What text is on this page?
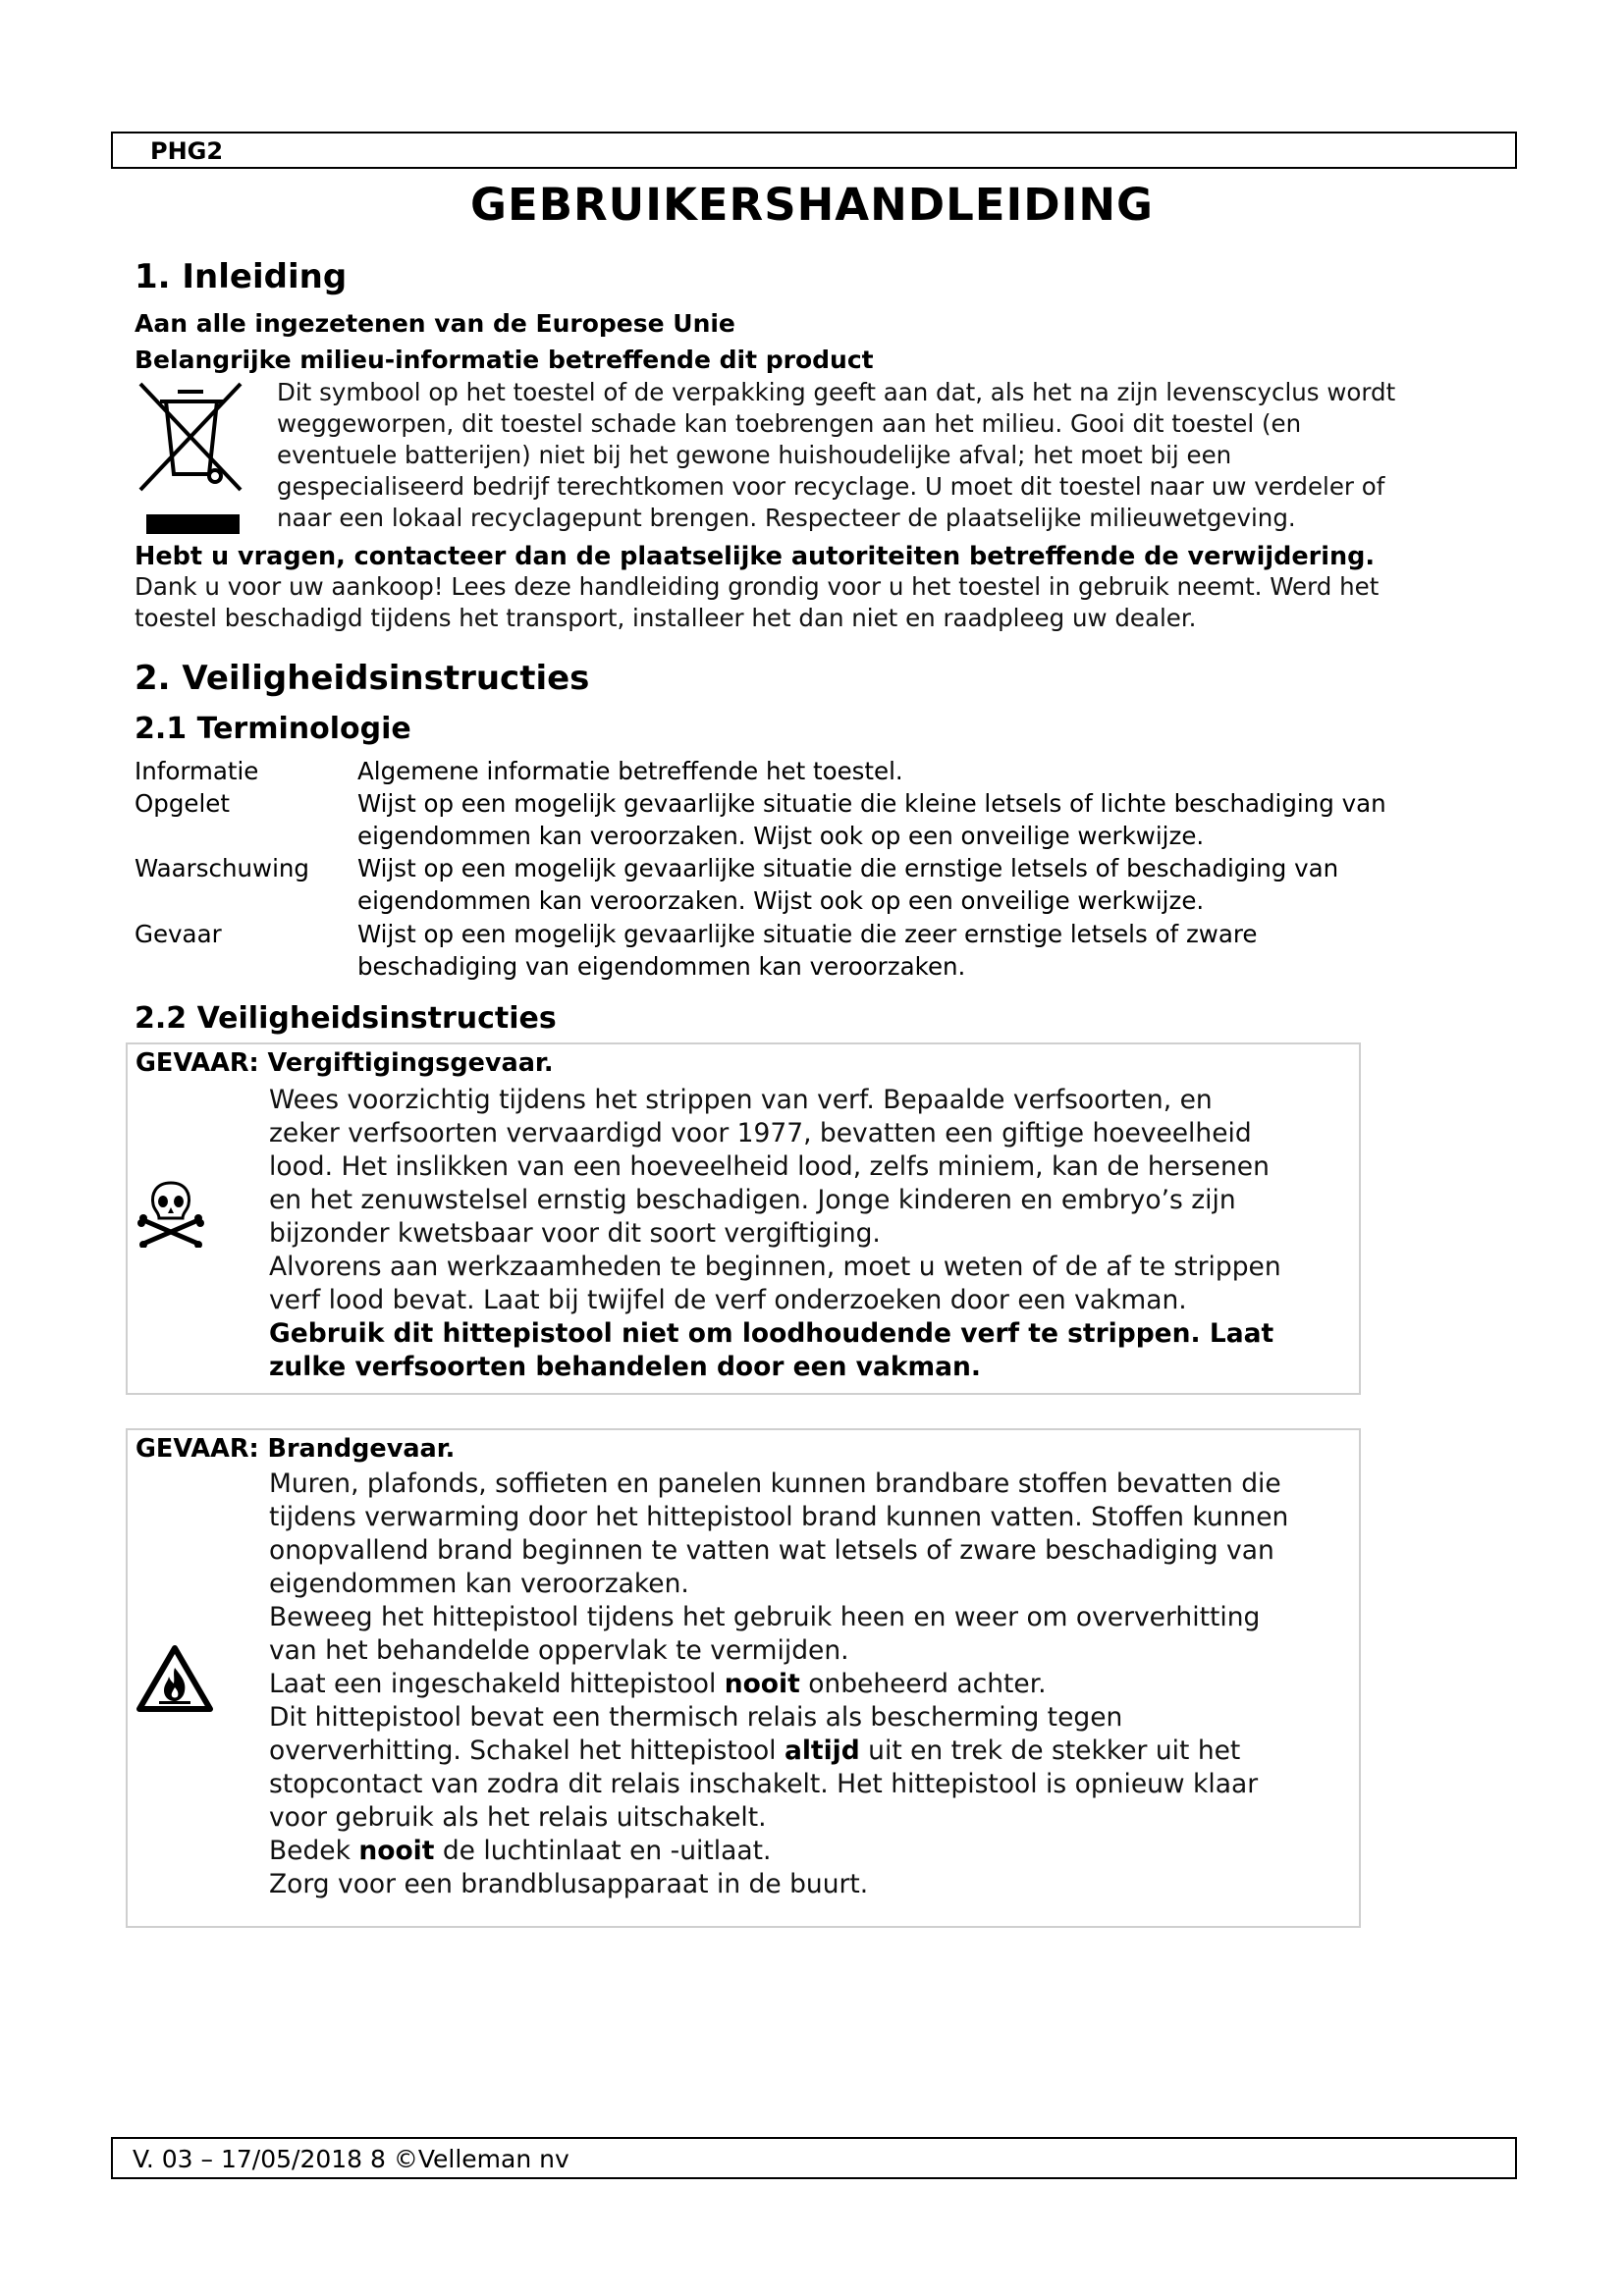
PHG2
GEBRUIKERSHANDLEIDING
1. Inleiding
Aan alle ingezetenen van de Europese Unie
Belangrijke milieu-informatie betreffende dit product
Dit symbool op het toestel of de verpakking geeft aan dat, als het na zijn levenscyclus wordt
weggeworpen, dit toestel schade kan toebrengen aan het milieu. Gooi dit toestel (en
eventuele batterijen) niet bij het gewone huishoudelijke afval; het moet bij een
gespecialiseerd bedrijf terechtkomen voor recyclage. U moet dit toestel naar uw verdeler of
naar een lokaal recyclagepunt brengen. Respecteer de plaatselijke milieuwetgeving.
Hebt u vragen, contacteer dan de plaatselijke autoriteiten betreffende de verwijdering.
Dank u voor uw aankoop! Lees deze handleiding grondig voor u het toestel in gebruik neemt. Werd het
toestel beschadigd tijdens het transport, installeer het dan niet en raadpleeg uw dealer.
2. Veiligheidsinstructies
2.1 Terminologie
Informatie	Algemene informatie betreffende het toestel.
Opgelet	Wijst op een mogelijk gevaarlijke situatie die kleine letsels of lichte beschadiging van
eigendommen kan veroorzaken. Wijst ook op een onveilige werkwijze.
Waarschuwing	Wijst op een mogelijk gevaarlijke situatie die ernstige letsels of beschadiging van
eigendommen kan veroorzaken. Wijst ook op een onveilige werkwijze.
Gevaar	Wijst op een mogelijk gevaarlijke situatie die zeer ernstige letsels of zware
beschadiging van eigendommen kan veroorzaken.
2.2 Veiligheidsinstructies
GEVAAR: Vergiftigingsgevaar.

Wees voorzichtig tijdens het strippen van verf. Bepaalde verfsoorten, en

zeker verfsoorten vervaardigd voor 1977, bevatten een giftige hoeveelheid

lood. Het inslikken van een hoeveelheid lood, zelfs miniem, kan de hersenen

en het zenuwstelsel ernstig beschadigen. Jonge kinderen en embryo’s zijn

bijzonder kwetsbaar voor dit soort vergiftiging.

Alvorens aan werkzaamheden te beginnen, moet u weten of de af te strippen

verf lood bevat. Laat bij twijfel de verf onderzoeken door een vakman.

Gebruik dit hittepistool niet om loodhoudende verf te strippen. Laat

zulke verfsoorten behandelen door een vakman.

GEVAAR: Brandgevaar.

Muren, plafonds, soffieten en panelen kunnen brandbare stoffen bevatten die

tijdens verwarming door het hittepistool brand kunnen vatten. Stoffen kunnen

onopvallend brand beginnen te vatten wat letsels of zware beschadiging van

eigendommen kan veroorzaken.

Beweeg het hittepistool tijdens het gebruik heen en weer om oververhitting

van het behandelde oppervlak te vermijden.

Laat een ingeschakeld hittepistool nooit onbeheerd achter.

Dit hittepistool bevat een thermisch relais als bescherming tegen

oververhitting. Schakel het hittepistool altijd uit en trek de stekker uit het

stopcontact van zodra dit relais inschakelt. Het hittepistool is opnieuw klaar

voor gebruik als het relais uitschakelt.

Bedek nooit de luchtinlaat en -uitlaat.

Zorg voor een brandblusapparaat in de buurt.

V. 03 – 17/05/2018 8 ©Velleman nv
